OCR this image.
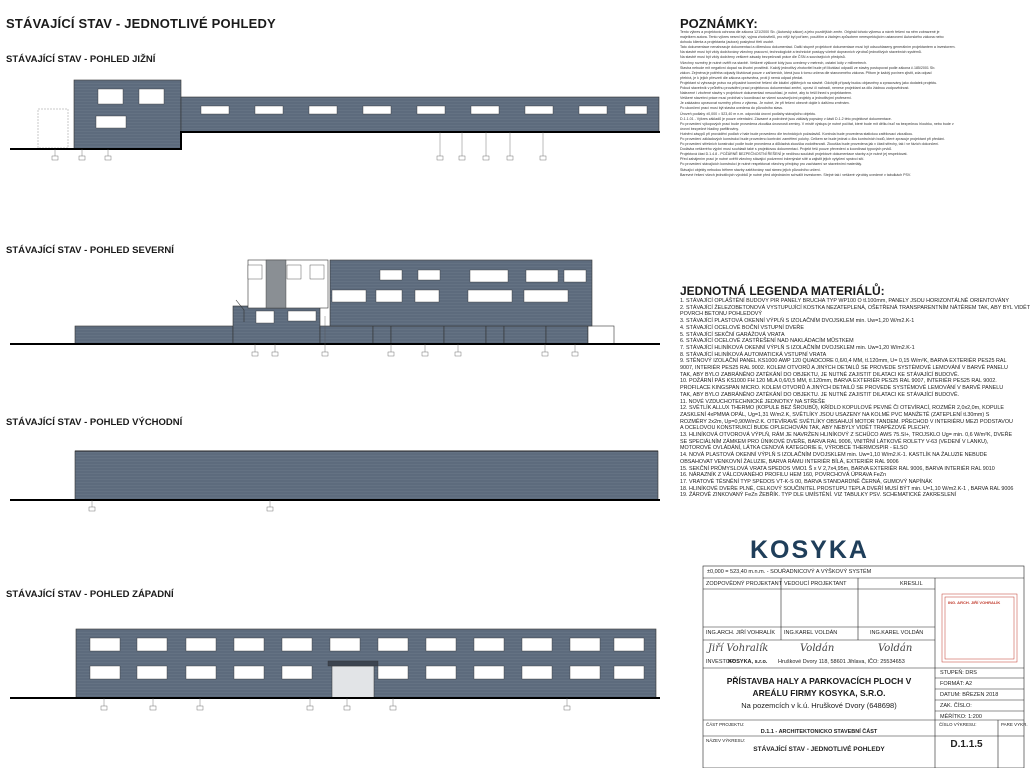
STÁVAJÍCÍ STAV - JEDNOTLIVÉ POHLEDY
STÁVAJÍCÍ STAV - POHLED JIŽNÍ
STÁVAJÍCÍ STAV - POHLED SEVERNÍ
STÁVAJÍCÍ STAV - POHLED VÝCHODNÍ
STÁVAJÍCÍ STAV - POHLED ZÁPADNÍ
POZNÁMKY:
Tento výkres a projektová ochrana dle zákona 121/2000 Sb. (Autorský zákon) a jeho pozdějších změn. Originál tohoto výkresu a návrh řešení na něm zobrazené je
majetkem autora. Tento výkres nesmí být, vyjma zhotovitelů, pro nějž byl pořízen, použitím a žádným způsobem nerespektujícím ustanovení Autorského zákona nebo
dohodu klienta a projektanta (autora) poskytnut třetí osobě.
Tato dokumentace nenahrazuje dokumentaci a dílenskou dokumentaci. Další stupně projektové dokumentace musí být odsouhlaseny generálním projektantem a investorem.
Na stavbě musí být vždy dodržovány všechny pracovní, technologické a technické postupy včetně dopravních výrobců jednotlivých stavebních systémů.
Na stavbě musí být vždy dodrženy veškeré zásady bezpečnosti práce dle ČSN a souvisejících předpisů.
Všechny rozměry je nutné ověřit na stavbě. Veškeré výškové kóty jsou uvedeny v metrech, ostatní kóty v milimetrech.
Stavba nebude mít negativní dopad na životní prostředí. Každý jednotlivý zhotovitel bude při likvidaci odpadů ze stavby postupovat podle zákona č.185/2001 Sb.
zákon. Zejména je potřeba odpady likvidovat pouze v zařízeních, která jsou k tomu určena dle stanoveného zákona. Přitom je každý povinen zjistit, zda odpad
přebírá, je k jejich převzetí dle zákona oprávněna, proti ji nemá odpad předat.
Projektant si vyhrazuje právo na případné konečné řešení dle lokální zjištěných na stavbě. Odchýlit případy budou objasněny a zpracovány jako dodatek projektu.
Pokud stavebník v průběhu provádění prací projektovou dokumentaci změní, upraví či nahradí, nenese projektant za dílo žádnou zodpovědnost.
Nalezené i zbořené stavby v projektové dokumentaci nesouhlasí, je nutné, aby to řešil ihned s projektantem.
Veškeré stavební práce musí probíhat v koordinaci se všemi souvisejícími projekty a jednotlivými profesemi.
Je zakázáno upravovat rozměry přímo z výkresu. Je nutné, že při řešení obecně dojde k dalšímu změnám.
Po ukončení prací musí být stavba uvedena do původního stavu.
Úroveň podlahy ±0,000 = 523,40 m n.m. odpovídá úrovni podlahy stávajícího objektu.
D.1.1.01 - Výkres základů je pouze orientační. Závazné a podrobné jsou základy popsány v části D.1.2 této projektové dokumentace.
Po provedení výkopových prací bude provedena zkouška únosnosti zeminy. V místě výstupu je nutné počítat, které bude mít dělku buď na bezpečnou hloubku, nebo bude v
úrovni bezpečné hladiny parfiltroviny.
Hutnění zásypů při provádění podlah v hale bude provedeno dle technických požadavků. Kontrola bude provedena statickou zatěžovací zkouškou.
Po provedení základových konstrukcí bude provedeno kontrolní zaměření polohy. Celkem se bude jednat o 4ks kontrolních bodů, které zpracuje projektant při předání.
Po provedení střešních konstrukcí podle bude provedena a důkladná zkouška vodotěsnosti. Zkouška bude provedena jak v části střechy, tak i ve fázích dokončení.
Dodávka veškerého výplní musí souhlasit také s projektovou dokumentací. Projekt řeší pouze převedení a koordinaci typových prvků.
Projektová část D.1.4.8 - POŽÁRNĚ BEZPEČNOSTNÍ ŘEŠENÍ je nedílnou součástí projektové dokumentace stavby a je nutné jej respektovat.
Před zahájením prací je nutné ověřit všechny stávající podzemní inženýrské sítě a zajistit jejich vytyčení správci sítí.
Po provedení stávajících konstrukcí je nutné respektovat všechny předpisy pro zacházení se stavebními materiály.
Stávající objekty nebudou během stavby zatěžovány nad rámec jejich původního určení.
Barevné řešení všech jednotlivých výrobků je nutné před objednáním schválit investorem. Stejné tak i veškeré výrobky uvedené v tabulkách PSV.
JEDNOTNÁ LEGENDA MATERIÁLŮ:
1. STÁVAJÍCÍ OPLÁŠTĚNÍ BUDOVY PIR PANELY BRUCHA TYP WP100 O tl.100mm, PANELY JSOU HORIZONTÁLNĚ ORIENTOVÁNY
2. STÁVAJÍCÍ ŽELEZOBETONOVÁ VYSTUPUJÍCÍ KOSTKA NEZATEPLENÁ, OŠETŘENÁ TRANSPARENTNÍM NÁTĚREM TAK, ABY BYL VIDĚT
POVRCH BETONU POHLEDOVÝ
3. STÁVAJÍCÍ PLASTOVÁ OKENNÍ VÝPLŇ S IZOLAČNÍM DVOJSKLEM min. Uw=1,20 W/m2.K-1
4. STÁVAJÍCÍ OCELOVÉ BOČNÍ VSTUPNÍ DVEŘE
5. STÁVAJÍCÍ SEKČNÍ GARÁŽOVÁ VRATA
6. STÁVAJÍCÍ OCELOVÉ ZASTŘEŠENÍ NAD NAKLÁDACÍM MŮSTKEM
7. STÁVAJÍCÍ HLINÍKOVÁ OKENNÍ VÝPLŇ S IZOLAČNÍM DVOJSKLEM min. Uw=1,20 W/m2.K-1
8. STÁVAJÍCÍ HLINÍKOVÁ AUTOMATICKÁ VSTUPNÍ VRATA
9. STĚNOVÝ IZOLAČNÍ PANEL KS1000 AWP 120 QUADCORE 0,6/0,4 MM, tl.120mm, U= 0,15 W/m²K, BARVA EXTERIÉR PES25 RAL
9007, INTERIÉR PES25 RAL 9002. KOLEM OTVORŮ A JINÝCH DETAILŮ SE PROVEDE SYSTÉMOVÉ LEMOVÁNÍ V BARVĚ PANELU
TAK, ABY BYLO ZABRÁNĚNO ZATÉKÁNÍ DO OBJEKTU, JE NUTNÉ ZAJISTIT DILATACI KE STÁVAJÍCÍ BUDOVĚ.
10. POŽÁRNÍ PÁS KS1000 FH 120 MLA 0,6/0,5 MM, tl.120mm, BARVA EXTERIÉR PES25 RAL 9007, INTERIÉR PES25 RAL 9002.
PROFILACE KINGSPAN MICRO. KOLEM OTVORŮ A JINÝCH DETAILŮ SE PROVEDE SYSTÉMOVÉ LEMOVÁNÍ V BARVĚ PANELU
TAK, ABY BYLO ZABRÁNĚNO ZATÉKÁNÍ DO OBJEKTU. JE NUTNÉ ZAJISTIT DILATACI KE STÁVAJÍCÍ BUDOVĚ.
11. NOVÉ VZDUCHOTECHNICKÉ JEDNOTKY NA STŘEŠE
12. SVĚTLÍK ALLUX THERMO (KOPULE BEZ ŠROUBŮ), KŘÍDLO KOPULOVÉ PEVNÉ ČI OTEVÍRACÍ, ROZMĚR 2,0x2,0m, KOPULE
ZASKLENÍ 4xPMMA OPÁL, Ug=1,31 W/m2.K, SVĚTLÍKY JSOU USAZENY NA KOLMÉ PVC MANŽETĚ (ZATEPLENÍ tl.30mm) S
ROZMĚRY 2x2m, Up=0,90W/m2.K. OTEVÍRAVÉ SVĚTLÍKY OBSAHUJÍ MOTOR TANDEM. PŘECHOD V INTERIÉRU MEZI PODSTAVOU
A OCELOVOU KONSTRUKCÍ BUDE OPLECHOVÁN TAK, ABY NEBYLY VIDĚT TRAPÉZOVÉ PLECHY.
13. HLINÍKOVÁ OTVOROVÁ VÝPLŇ, RÁM JE NAVRŽEN HLINÍKOVÝ Z SCHÜCO AWS 75.SI+, TROJSKLO Ug= min. 0,6 W/m²K, DVEŘE
SE SPECIÁLNÍM ZÁMKEM PRO ÚNIKOVÉ DVEŘE, BARVA RAL 9006, VNITŘNÍ LÁTKOVÉ ROLETY V-63 (VEDENÍ V LANKU),
MOTOROVÉ OVLÁDÁNÍ, LÁTKA CENOVÁ KATEGORIE E, VÝROBCE THERMOSPIR - ELSO
14. NOVÁ PLASTOVÁ OKENNÍ VÝPLŇ S IZOLAČNÍM DVOJSKLEM min. Uw=1,10 W/m2.K-1. KASTLÍK NA ŽALUZIE NEBUDE
OBSAHOVAT VENKOVNÍ ŽALUZIE, BARVA RÁMU INTERIÉR BÍLÁ, EXTERIÉR RAL 9006
15. SEKČNÍ PRŮMYSLOVÁ VRATA SPEDOS VMO1 Š x V 2,7x4,95m, BARVA EXTERIÉR RAL 9006, BARVA INTERIÉR RAL 9010
16. NÁRAZNÍK Z VÁLCOVANÉHO PROFILU HEM 160, POVRCHOVÁ ÚPRAVA FeZn
17. VRATOVÉ TĚSNĚNÍ TYP SPEDOS VT-K-S 00, BARVA STANDARDNĚ ČERNÁ, GUMOVÝ NAPÍNÁK
18. HLINÍKOVÉ DVEŘE PLNÉ, CELKOVÝ SOUČINITEL PROSTUPU TEPLA DVEŘÍ MUSÍ BÝT min. U=1,10 W/m2.K-1 , BARVA RAL 9006
19. ŽÁROVĚ ZINKOVANÝ FeZn ŽEBŘÍK. TYP DLE UMÍSTĚNÍ. VIZ TABULKY PSV. SCHEMATICKÉ ZAKRESLENÍ
KOSYKA
±0,000 = 523,40 m.n.m. - SOUŘADNICOVÝ A VÝŠKOVÝ SYSTÉM
ZODPOVĚDNÝ PROJEKTANT VEDOUCÍ PROJEKTANT	KRESLIL
ING.ARCH. JIŘÍ VOHRALÍK ING.KAREL VOLDÁN	ING.KAREL VOLDÁN
Jiří Vohralík	Voldán	Voldán
ING. ARCH. JIŘÍ VOHRALÍK
INVESTOR:
KOSYKA, s.r.o. Hruškové Dvory 118, 58601 Jihlava, IČO: 25534653
PŘÍSTAVBA HALY A PARKOVACÍCH PLOCH V
AREÁLU FIRMY KOSYKA, S.R.O.
Na pozemcích v k.ú. Hruškové Dvory (648698)
STUPEŇ: DRS
FORMÁT: A2
DATUM: BŘEZEN 2018
ZAK. ČÍSLO:
MĚŘÍTKO: 1:200
ČÁST PROJEKTU:
D.1.1 - ARCHITEKTONICKO STAVEBNÍ ČÁST
NÁZEV VÝKRESU:
STÁVAJÍCÍ STAV - JEDNOTLIVÉ POHLEDY
ČÍSLO VÝKRESU:
D.1.1.5
PARE VYKR.
